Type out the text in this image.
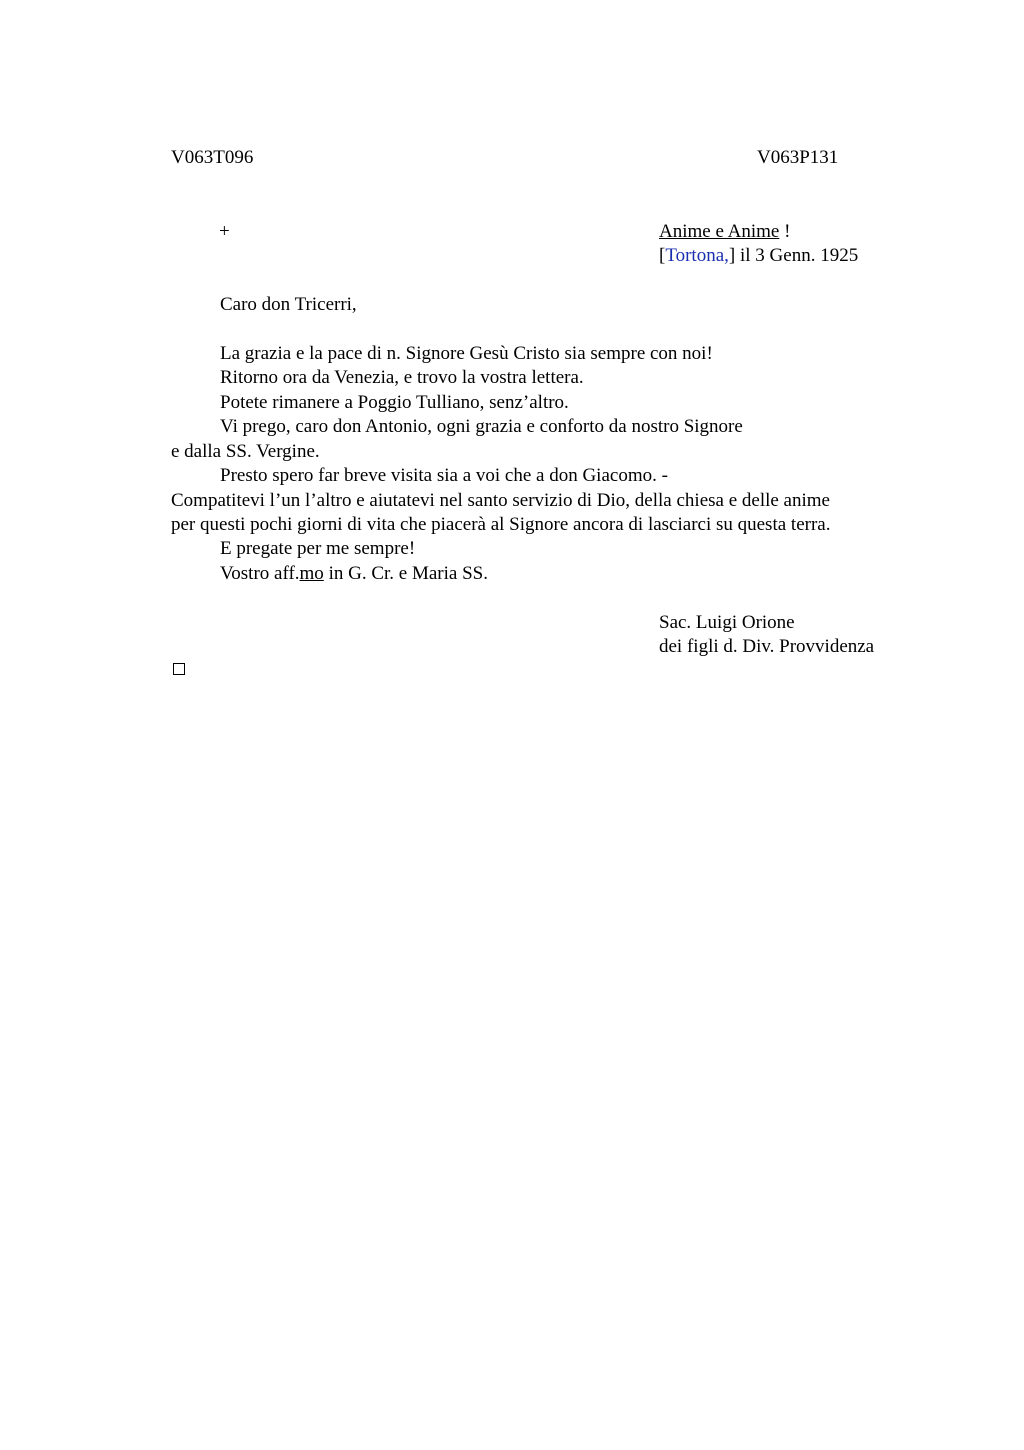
V063T096	V063P131
+	Anime e Anime !
[Tortona,] il 3 Genn. 1925
Caro don Tricerri,
La grazia e la pace di n. Signore Gesù Cristo sia sempre con noi!
Ritorno ora da Venezia, e trovo la vostra lettera.
Potete rimanere a Poggio Tulliano, senz’altro.
Vi prego, caro don Antonio, ogni grazia e conforto da nostro Signore
e dalla SS. Vergine.
Presto spero far breve visita sia a voi che a don Giacomo. -
Compatitevi l’un l’altro e aiutatevi nel santo servizio di Dio, della chiesa e delle anime
per questi pochi giorni di vita che piacerà al Signore ancora di lasciarci su questa terra.
E pregate per me sempre!
Vostro aff.mo in G. Cr. e Maria SS.
Sac. Luigi Orione
dei figli d. Div. Provvidenza
